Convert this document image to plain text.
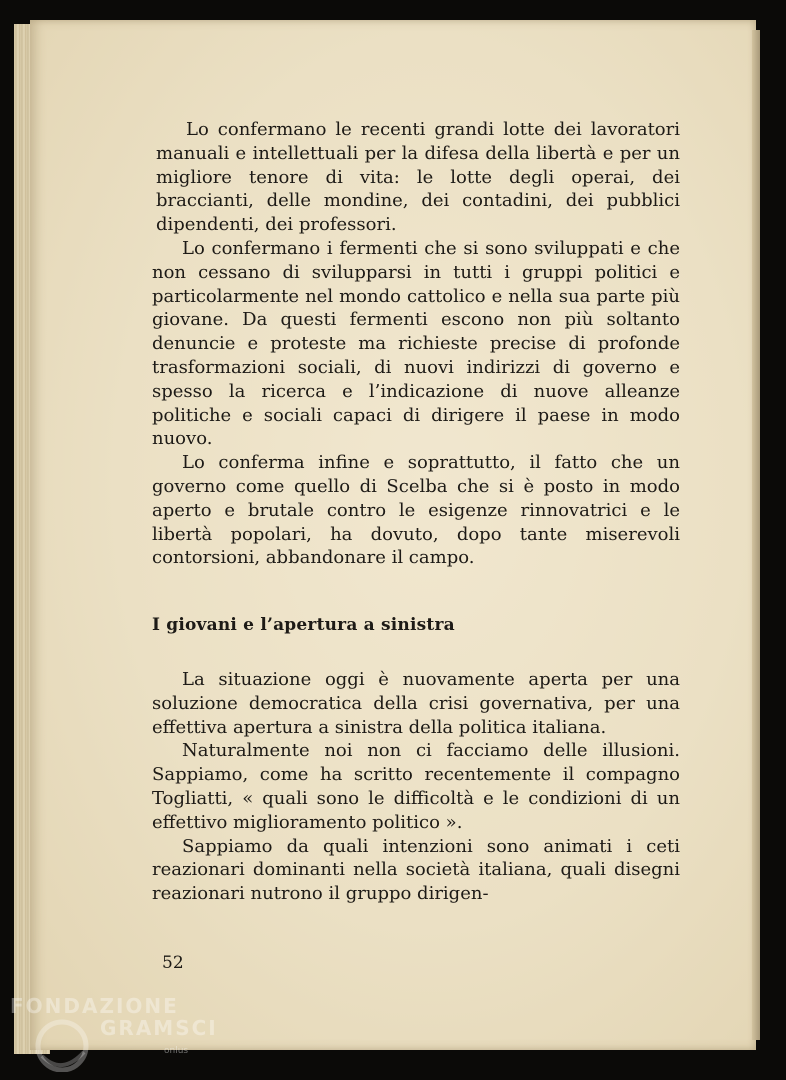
Lo confermano le recenti grandi lotte dei lavoratori manuali e intellettuali per la difesa della libertà e per un migliore tenore di vita: le lotte degli operai, dei braccianti, delle mondine, dei contadini, dei pubblici dipendenti, dei professori.

Lo confermano i fermenti che si sono sviluppati e che non cessano di svilupparsi in tutti i gruppi politici e particolarmente nel mondo cattolico e nella sua parte più giovane. Da questi fermenti escono non più soltanto denuncie e proteste ma richieste precise di profonde trasformazioni sociali, di nuovi indirizzi di governo e spesso la ricerca e l’indicazione di nuove alleanze politiche e sociali capaci di dirigere il paese in modo nuovo.

Lo conferma infine e soprattutto, il fatto che un governo come quello di Scelba che si è posto in modo aperto e brutale contro le esigenze rinnovatrici e le libertà popolari, ha dovuto, dopo tante miserevoli contorsioni, abbandonare il campo.

I giovani e l’apertura a sinistra

La situazione oggi è nuovamente aperta per una soluzione democratica della crisi governativa, per una effettiva apertura a sinistra della politica italiana.

Naturalmente noi non ci facciamo delle illusioni. Sappiamo, come ha scritto recentemente il compagno Togliatti, « quali sono le difficoltà e le condizioni di un effettivo miglioramento politico ».

Sappiamo da quali intenzioni sono animati i ceti reazionari dominanti nella società italiana, quali disegni reazionari nutrono il gruppo dirigen-

52
FONDAZIONE
GRAMSCI
onlus
